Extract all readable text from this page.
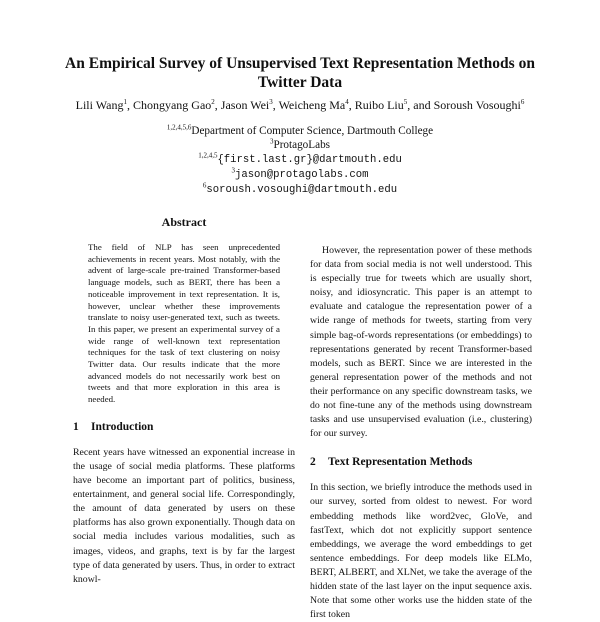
An Empirical Survey of Unsupervised Text Representation Methods on Twitter Data
Lili Wang$^1$, Chongyang Gao$^2$, Jason Wei$^3$, Weicheng Ma$^4$, Ruibo Liu$^5$, and Soroush Vosoughi$^6$
$^{1,2,4,5,6}$Department of Computer Science, Dartmouth College
$^3$ProtagoLabs
$^{1,2,4,5}${first.last.gr}@dartmouth.edu
$^3$jason@protagolabs.com
$^6$soroush.vosoughi@dartmouth.edu
Abstract

The field of NLP has seen unprecedented achievements in recent years. Most notably, with the advent of large-scale pre-trained Transformer-based language models, such as BERT, there has been a noticeable improvement in text representation. It is, however, unclear whether these improvements translate to noisy user-generated text, such as tweets. In this paper, we present an experimental survey of a wide range of well-known text representation techniques for the task of text clustering on noisy Twitter data. Our results indicate that the more advanced models do not necessarily work best on tweets and that more exploration in this area is needed.

1 Introduction

Recent years have witnessed an exponential increase in the usage of social media platforms. These platforms have become an important part of politics, business, entertainment, and general social life. Correspondingly, the amount of data generated by users on these platforms has also grown exponentially. Though data on social media includes various modalities, such as images, videos, and graphs, text is by far the largest type of data generated by users. Thus, in order to extract knowl-

However, the representation power of these methods for data from social media is not well understood. This is especially true for tweets which are usually short, noisy, and idiosyncratic. This paper is an attempt to evaluate and catalogue the representation power of a wide range of methods for tweets, starting from very simple bag-of-words representations (or embeddings) to representations generated by recent Transformer-based models, such as BERT. Since we are interested in the general representation power of the methods and not their performance on any specific downstream tasks, we do not fine-tune any of the methods using downstream tasks and use unsupervised evaluation (i.e., clustering) for our survey.

2 Text Representation Methods

In this section, we briefly introduce the methods used in our survey, sorted from oldest to newest. For word embedding methods like word2vec, GloVe, and fastText, which dot not explicitly support sentence embeddings, we average the word embeddings to get sentence embeddings. For deep models like ELMo, BERT, ALBERT, and XLNet, we take the average of the hidden state of the last layer on the input sequence axis. Note that some other works use the hidden state of the first token
